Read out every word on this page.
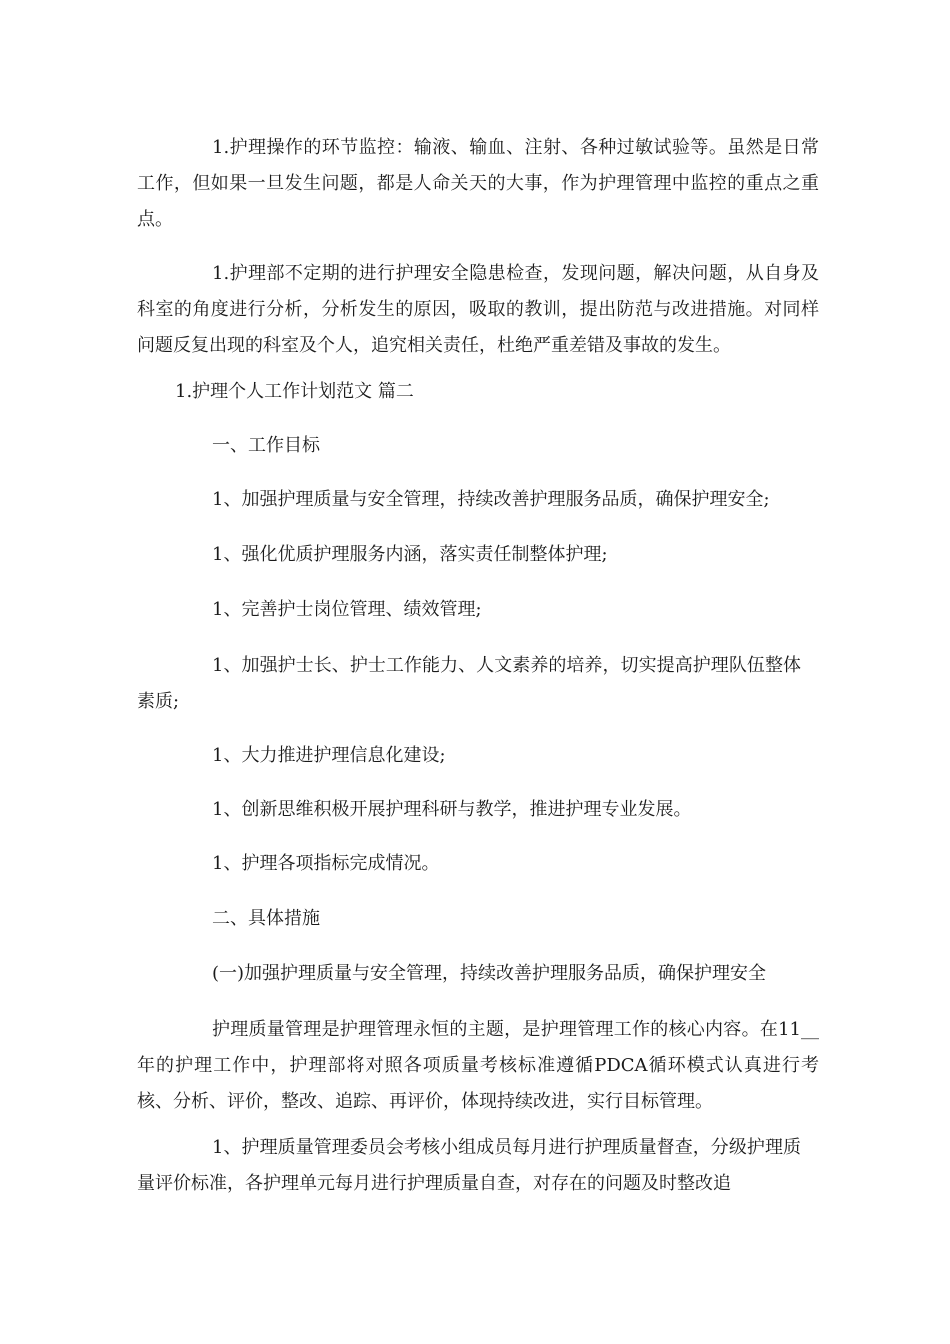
1.护理操作的环节监控：输液、输血、注射、各种过敏试验等。虽然是日常工作，但如果一旦发生问题，都是人命关天的大事，作为护理管理中监控的重点之重点。

1.护理部不定期的进行护理安全隐患检查，发现问题，解决问题，从自身及科室的角度进行分析，分析发生的原因，吸取的教训，提出防范与改进措施。对同样问题反复出现的科室及个人，追究相关责任，杜绝严重差错及事故的发生。

1.护理个人工作计划范文 篇二

一、工作目标

1、加强护理质量与安全管理，持续改善护理服务品质，确保护理安全;

1、强化优质护理服务内涵，落实责任制整体护理;

1、完善护士岗位管理、绩效管理;

1、加强护士长、护士工作能力、人文素养的培养，切实提高护理队伍整体素质;

1、大力推进护理信息化建设;

1、创新思维积极开展护理科研与教学，推进护理专业发展。

1、护理各项指标完成情况。

二、具体措施

(一)加强护理质量与安全管理，持续改善护理服务品质，确保护理安全

护理质量管理是护理管理永恒的主题，是护理管理工作的核心内容。在11__年的护理工作中，护理部将对照各项质量考核标准遵循PDCA循环模式认真进行考核、分析、评价，整改、追踪、再评价，体现持续改进，实行目标管理。

1、护理质量管理委员会考核小组成员每月进行护理质量督查，分级护理质量评价标准，各护理单元每月进行护理质量自查，对存在的问题及时整改追
